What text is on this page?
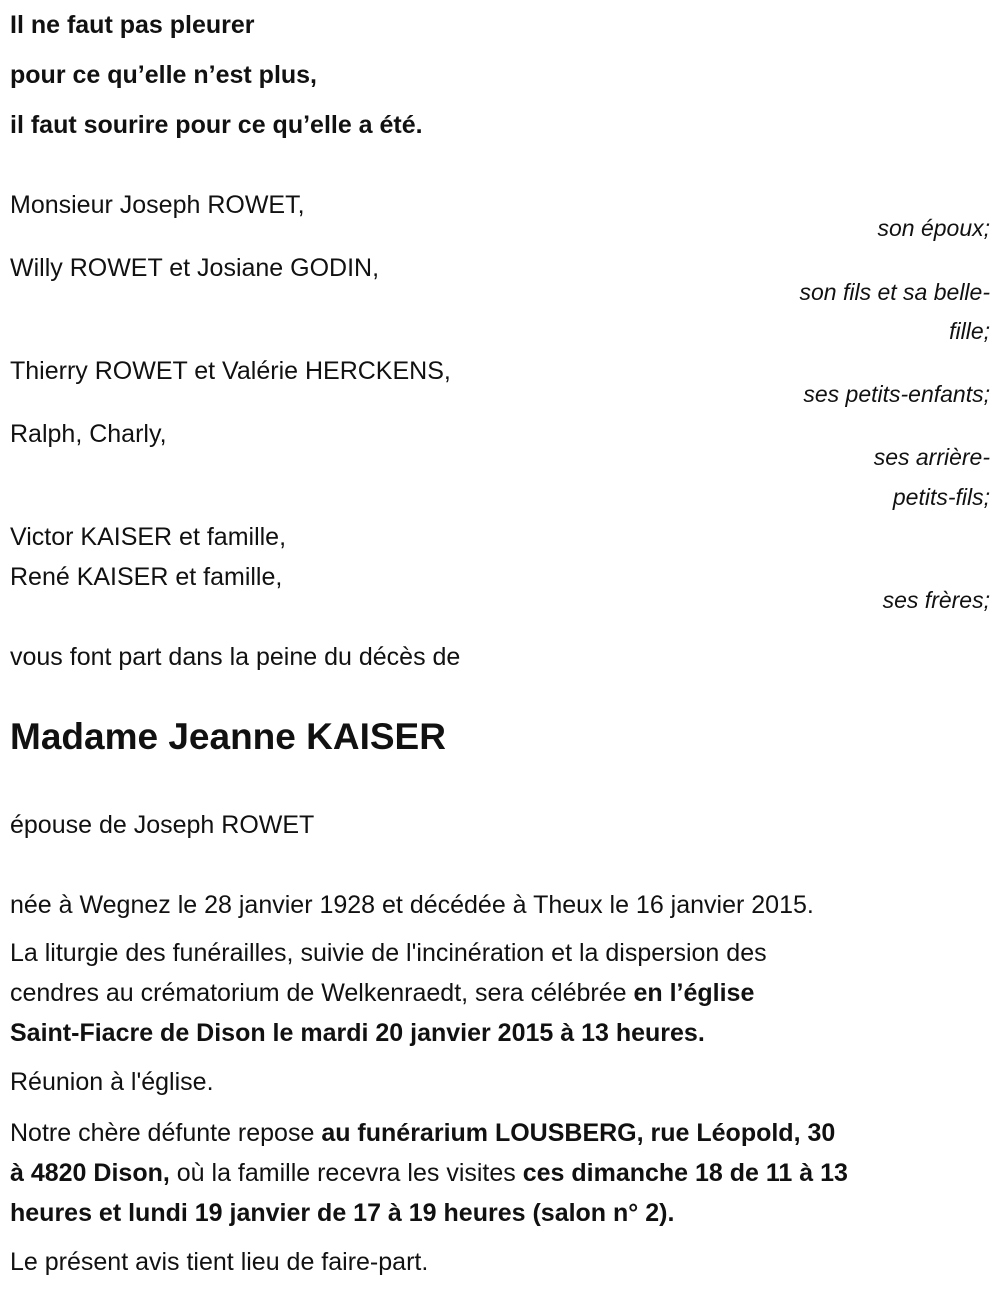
Il ne faut pas pleurer
pour ce qu’elle n’est plus,
il faut sourire pour ce qu’elle a été.
Monsieur Joseph ROWET,
son époux;
Willy ROWET et Josiane GODIN,
son fils et sa belle-
fille;
Thierry ROWET et Valérie HERCKENS,
ses petits-enfants;
Ralph, Charly,
ses arrière-
petits-fils;
Victor KAISER et famille,
René KAISER et famille,
ses frères;
vous font part dans la peine du décès de
Madame Jeanne KAISER
épouse de Joseph ROWET
née à Wegnez le 28 janvier 1928 et décédée à Theux le 16 janvier 2015.
La liturgie des funérailles, suivie de l'incinération et la dispersion des
cendres au crématorium de Welkenraedt, sera célébrée en l’église
Saint-Fiacre de Dison le mardi 20 janvier 2015 à 13 heures.
Réunion à l'église.
Notre chère défunte repose au funérarium LOUSBERG, rue Léopold, 30
à 4820 Dison, où la famille recevra les visites ces dimanche 18 de 11 à 13
heures et lundi 19 janvier de 17 à 19 heures (salon n° 2).
Le présent avis tient lieu de faire-part.
